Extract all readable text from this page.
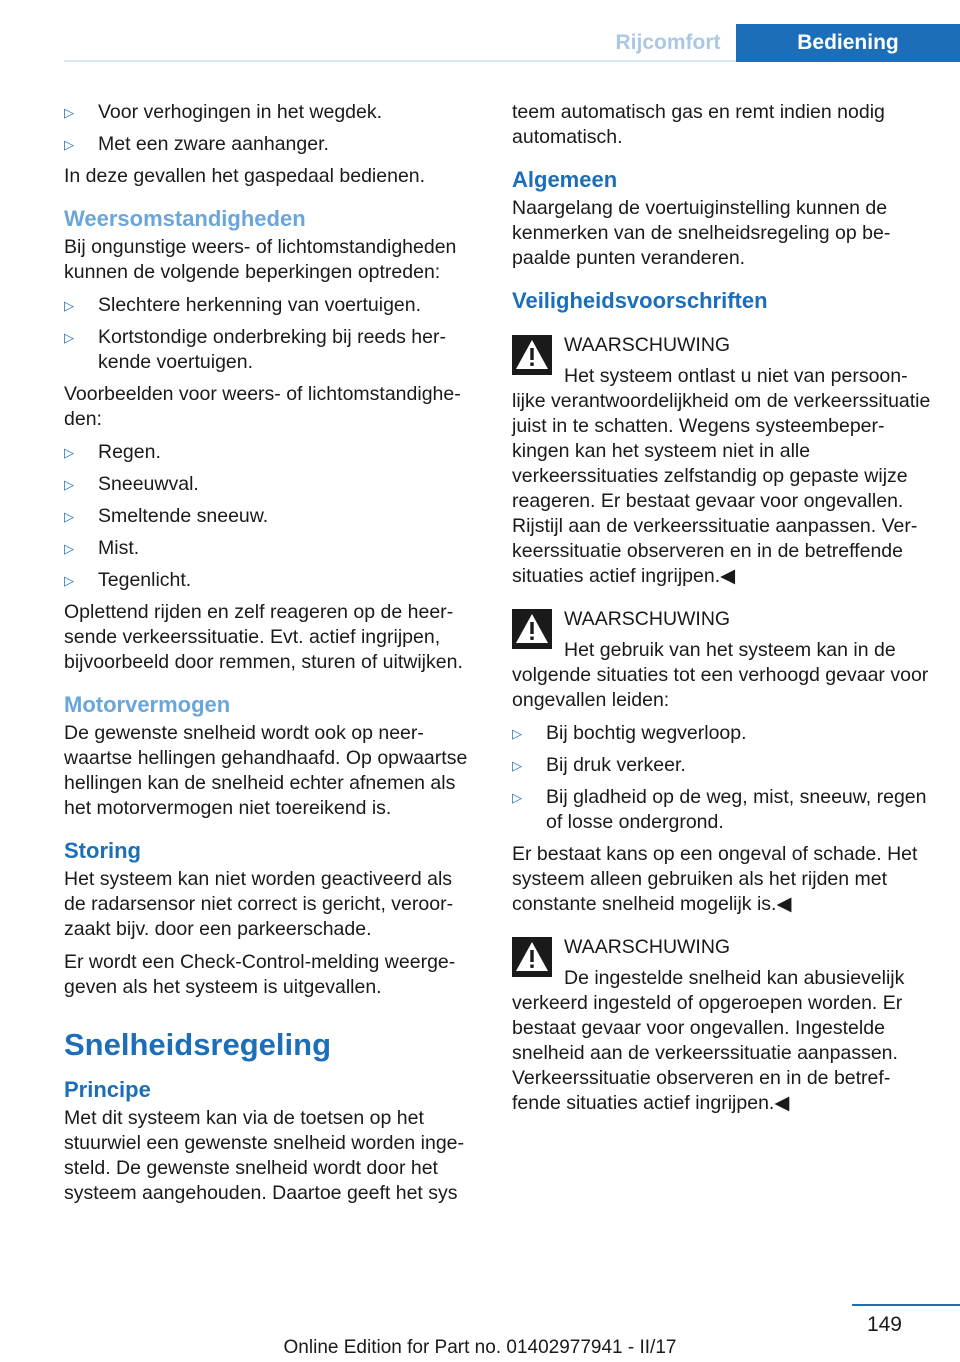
Rijcomfort	Bediening
▷	Voor verhogingen in het wegdek.
▷	Met een zware aanhanger.

In deze gevallen het gaspedaal bedienen.

Weersomstandigheden

Bij ongunstige weers- of lichtomstandigheden kunnen de volgende beperkingen optreden:

▷	Slechtere herkenning van voertuigen.
▷	Kortstondige onderbreking bij reeds herkende voertuigen.

Voorbeelden voor weers- of lichtomstandigheden:

▷	Regen.
▷	Sneeuwval.
▷	Smeltende sneeuw.
▷	Mist.
▷	Tegenlicht.

Oplettend rijden en zelf reageren op de heersende verkeerssituatie. Evt. actief ingrijpen, bijvoorbeeld door remmen, sturen of uitwijken.

Motorvermogen

De gewenste snelheid wordt ook op neerwaartse hellingen gehandhaafd. Op opwaartse hellingen kan de snelheid echter afnemen als het motorvermogen niet toereikend is.

Storing

Het systeem kan niet worden geactiveerd als de radarsensor niet correct is gericht, veroorzaakt bijv. door een parkeerschade.

Er wordt een Check-Control-melding weergegeven als het systeem is uitgevallen.

Snelheidsregeling
Principe

Met dit systeem kan via de toetsen op het stuurwiel een gewenste snelheid worden ingesteld. De gewenste snelheid wordt door het systeem aangehouden. Daartoe geeft het sys

teem automatisch gas en remt indien nodig automatisch.

Algemeen

Naargelang de voertuiginstelling kunnen de kenmerken van de snelheidsregeling op bepaalde punten veranderen.

Veiligheidsvoorschriften
WAARSCHUWING

Het systeem ontlast u niet van persoonlijke verantwoordelijkheid om de verkeerssituatie juist in te schatten. Wegens systeembeperkingen kan het systeem niet in alle verkeerssituaties zelfstandig op gepaste wijze reageren. Er bestaat gevaar voor ongevallen. Rijstijl aan de verkeerssituatie aanpassen. Verkeerssituatie observeren en in de betreffende situaties actief ingrijpen.◀

WAARSCHUWING

Het gebruik van het systeem kan in de volgende situaties tot een verhoogd gevaar voor ongevallen leiden:

▷	Bij bochtig wegverloop.
▷	Bij druk verkeer.
▷	Bij gladheid op de weg, mist, sneeuw, regen of losse ondergrond.

Er bestaat kans op een ongeval of schade. Het systeem alleen gebruiken als het rijden met constante snelheid mogelijk is.◀

WAARSCHUWING

De ingestelde snelheid kan abusievelijk verkeerd ingesteld of opgeroepen worden. Er bestaat gevaar voor ongevallen. Ingestelde snelheid aan de verkeerssituatie aanpassen. Verkeerssituatie observeren en in de betreffende situaties actief ingrijpen.◀

149
Online Edition for Part no. 01402977941 - II/17
